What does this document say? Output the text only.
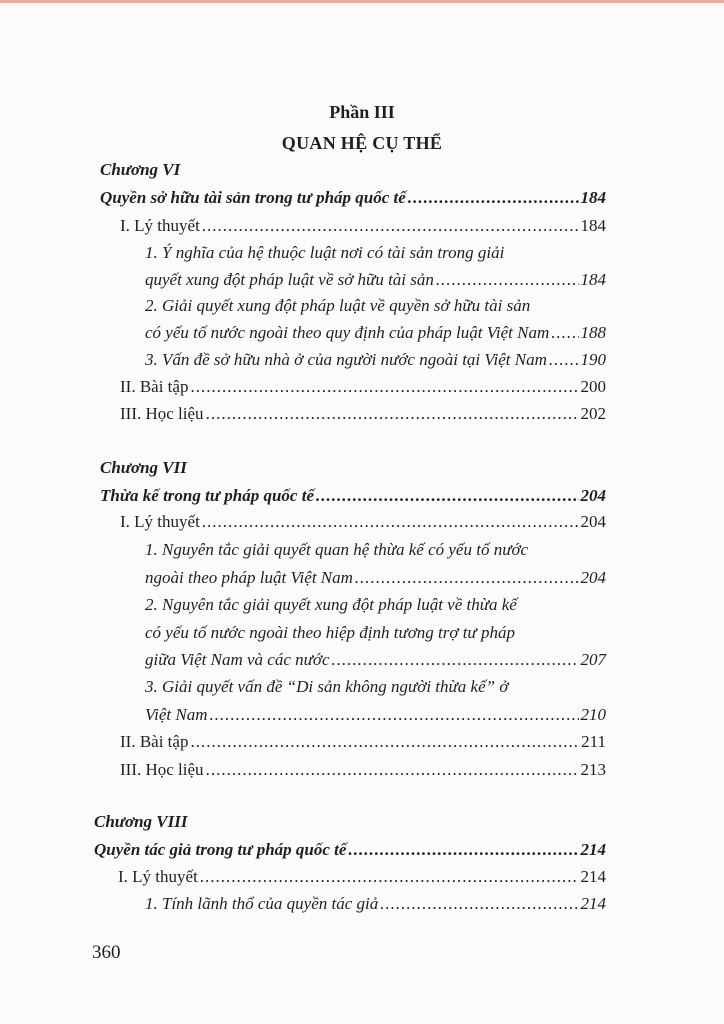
Phần III
QUAN HỆ CỤ THỂ
Chương VI
Quyền sở hữu tài sản trong tư pháp quốc tế .....	184
I. Lý thuyết .....	184
1. Ý nghĩa của hệ thuộc luật nơi có tài sản trong giải
quyết xung đột pháp luật về sở hữu tài sản .....	184
2. Giải quyết xung đột pháp luật về quyền sở hữu tài sản
có yếu tố nước ngoài theo quy định của pháp luật Việt Nam ..... 188
3. Vấn đề sở hữu nhà ở của người nước ngoài tại Việt Nam ..... 190
II. Bài tập .....	200
III. Học liệu .....	202
Chương VII
Thừa kế trong tư pháp quốc tế .....	204
I. Lý thuyết .....	204
1. Nguyên tắc giải quyết quan hệ thừa kế có yếu tố nước
ngoài theo pháp luật Việt Nam .....	204
2. Nguyên tắc giải quyết xung đột pháp luật về thừa kế
có yếu tố nước ngoài theo hiệp định tương trợ tư pháp
giữa Việt Nam và các nước .....	207
3. Giải quyết vấn đề “Di sản không người thừa kế” ở
Việt Nam .....	210
II. Bài tập .....	211
III. Học liệu .....	213
Chương VIII
Quyền tác giả trong tư pháp quốc tế .....	214
I. Lý thuyết .....	214
1. Tính lãnh thổ của quyền tác giả .....	214
360
